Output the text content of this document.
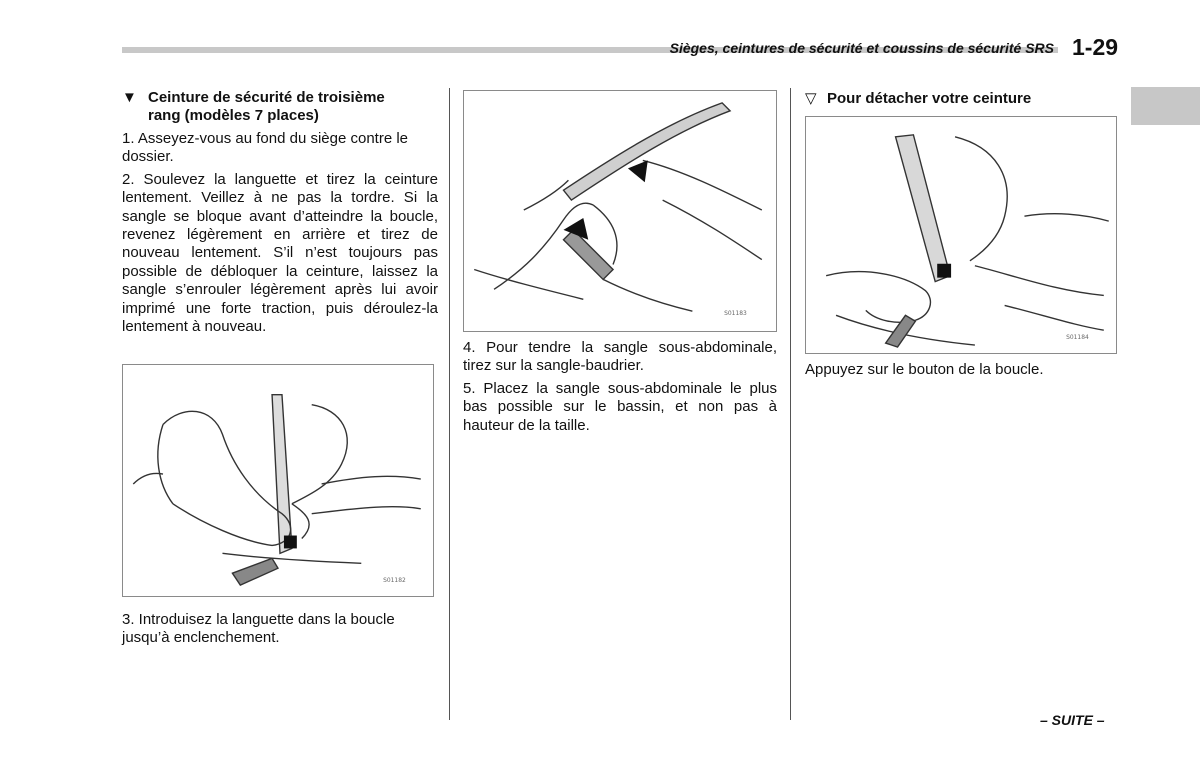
Sièges, ceintures de sécurité et coussins de sécurité SRS 1-29
▼ Ceinture de sécurité de troisième
rang (modèles 7 places)

1. Asseyez-vous au fond du siège contre le dossier.

2. Soulevez la languette et tirez la ceinture lentement. Veillez à ne pas la tordre. Si la sangle se bloque avant d’atteindre la boucle, revenez légèrement en arrière et tirez de nouveau lentement. S’il n’est toujours pas possible de débloquer la ceinture, laissez la sangle s’enrouler légèrement après lui avoir imprimé une forte traction, puis déroulez-la lentement à nouveau.

S01182

3. Introduisez la languette dans la boucle jusqu’à enclenchement.

S01183

4. Pour tendre la sangle sous-abdominale, tirez sur la sangle-baudrier.

5. Placez la sangle sous-abdominale le plus bas possible sur le bassin, et non pas à hauteur de la taille.

▽ Pour détacher votre ceinture
S01184

Appuyez sur le bouton de la boucle.

– SUITE –
